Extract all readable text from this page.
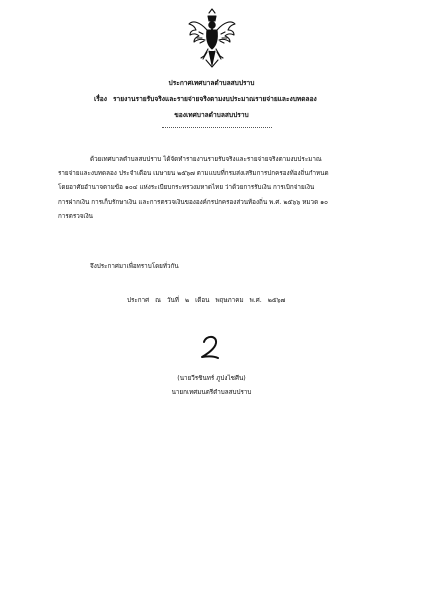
ประกาศเทศบาลตำบลสบปราบ
เรื่อง รายงานรายรับจริงและรายจ่ายจริงตามงบประมาณรายจ่ายและงบทดลอง
ของเทศบาลตำบลสบปราบ
ด้วยเทศบาลตำบลสบปราบ ได้จัดทำรายงานรายรับจริงและรายจ่ายจริงตามงบประมาณ
รายจ่ายและงบทดลอง ประจำเดือน เมษายน ๒๕๖๗ ตามแบบที่กรมส่งเสริมการปกครองท้องถิ่นกำหนด
โดยอาศัยอำนาจตามข้อ ๑๐๔ แห่งระเบียบกระทรวงมหาดไทย ว่าด้วยการรับเงิน การเบิกจ่ายเงิน
การฝากเงิน การเก็บรักษาเงิน และการตรวจเงินขององค์กรปกครองส่วนท้องถิ่น พ.ศ. ๒๕๖๖ หมวด ๑๐
การตรวจเงิน
จึงประกาศมาเพื่อทราบโดยทั่วกัน
ประกาศ ณ วันที่ ๒ เดือน พฤษภาคม พ.ศ. ๒๕๖๗
(นายวีรชินทร์ ภูปงไชศีน)
นายกเทศมนตรีตำบลสบปราบ
